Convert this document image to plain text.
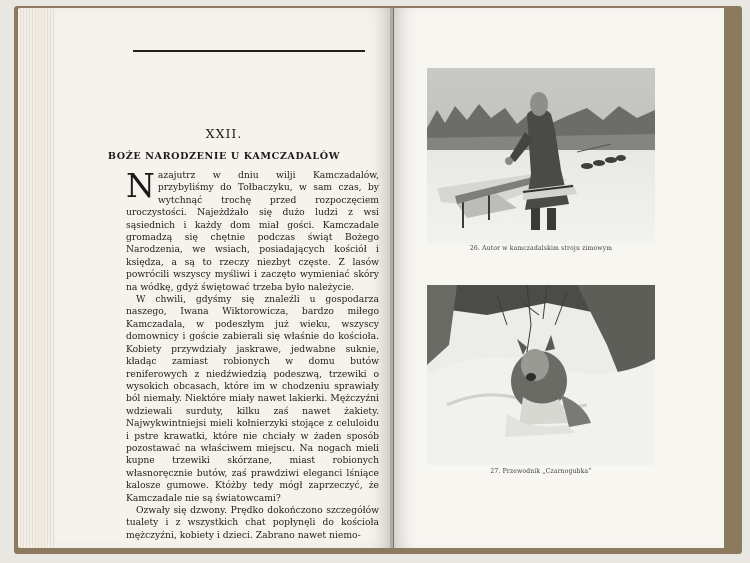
XXII.
BOŻE NARODZENIE U KAMCZADALÓW

Nazajutrz w dniu wilji Kamczadalów, przybyliśmy do Tołbaczyku, w sam czas, by wytchnąć trochę przed rozpoczęciem uroczystości. Najeżdżało się dużo ludzi z wsi sąsiednich i każdy dom miał gości. Kamczadale gromadzą się chętnie podczas świąt Bożego Narodzenia, we wsiach, posiadających kościół i księdza, a są to rzeczy niezbyt częste. Z lasów powrócili wszyscy myśliwi i zaczęto wymieniać skóry na wódkę, gdyż świętować trzeba było należycie.

W chwili, gdyśmy się znaleźli u gospodarza naszego, Iwana Wiktorowicza, bardzo miłego Kamczadala, w podeszłym już wieku, wszyscy domownicy i goście zabierali się właśnie do kościoła. Kobiety przywdziały jaskrawe, jedwabne suknie, kładąc zamiast robionych w domu butów reniferowych z niedźwiedzią podeszwą, trzewiki o wysokich obcasach, które im w chodzeniu sprawiały ból niemały. Niektóre miały nawet lakierki. Mężczyźni wdziewali surduty, kilku zaś nawet żakiety. Najwykwintniejsi mieli kołnierzyki stojące z celuloidu i pstre krawatki, które nie chciały w żaden sposób pozostawać na właściwem miejscu. Na nogach mieli kupne trzewiki skórzane, miast robionych własnoręcznie butów, zaś prawdziwi eleganci lśniące kalosze gumowe. Któżby tedy mógł zaprzeczyć, że Kamczadale nie są światowcami?

Ozwały się dzwony. Prędko dokończono szczegółów tualety i z wszystkich chat popłynęli do kościoła mężczyźni, kobiety i dzieci. Zabrano nawet niemo-

26. Autor w kamczadalskim stroju zimowym
27. Przewodnik „Czarnogubka”
